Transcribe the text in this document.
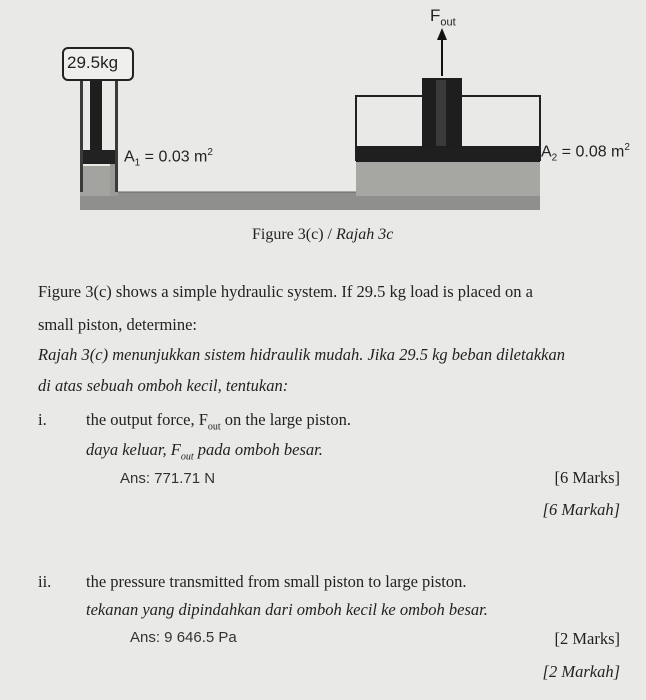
29.5kg
$F_{out}$
$A_1 = 0.03$ $m^2$	$A_2 = 0.08$ $m^2$
Figure 3(c) / Rajah 3c
Figure 3(c) shows a simple hydraulic system. If 29.5 kg load is placed on a
small piston, determine:
Rajah 3(c) menunjukkan sistem hidraulik mudah. Jika 29.5 kg beban diletakkan
di atas sebuah omboh kecil, tentukan:
i. the output force, $F_{out}$ on the large piston.
daya keluar, $F_{out}$ pada omboh besar.
Ans: 771.71 N	[6 Marks]
[6 Markah]
ii. the pressure transmitted from small piston to large piston.
tekanan yang dipindahkan dari omboh kecil ke omboh besar.
Ans: 9 646.5 Pa	[2 Marks]
[2 Markah]
